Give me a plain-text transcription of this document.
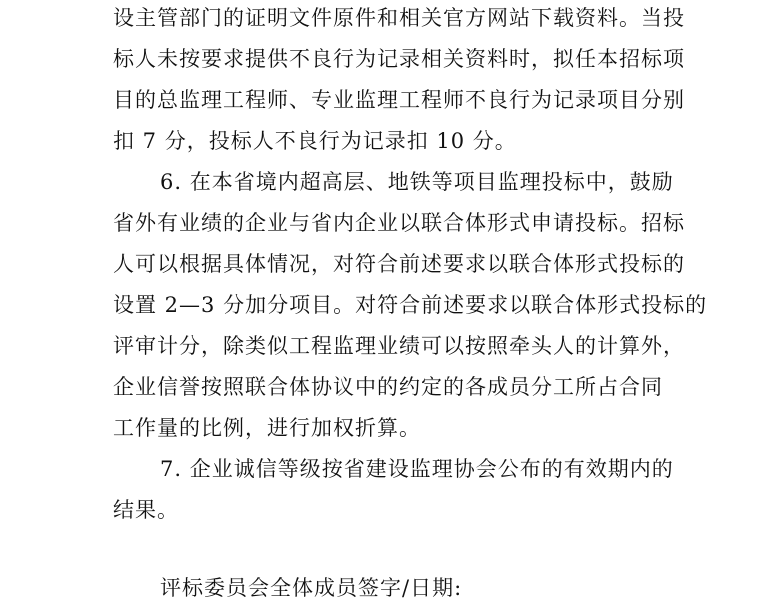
设主管部门的证明文件原件和相关官方网站下载资料。当投
标人未按要求提供不良行为记录相关资料时，拟任本招标项
目的总监理工程师、专业监理工程师不良行为记录项目分别
扣 7 分，投标人不良行为记录扣 10 分。
6. 在本省境内超高层、地铁等项目监理投标中，鼓励
省外有业绩的企业与省内企业以联合体形式申请投标。招标
人可以根据具体情况，对符合前述要求以联合体形式投标的
设置 2—3 分加分项目。对符合前述要求以联合体形式投标的
评审计分，除类似工程监理业绩可以按照牵头人的计算外，
企业信誉按照联合体协议中的约定的各成员分工所占合同
工作量的比例，进行加权折算。
7. 企业诚信等级按省建设监理协会公布的有效期内的
结果。
评标委员会全体成员签字/日期:
